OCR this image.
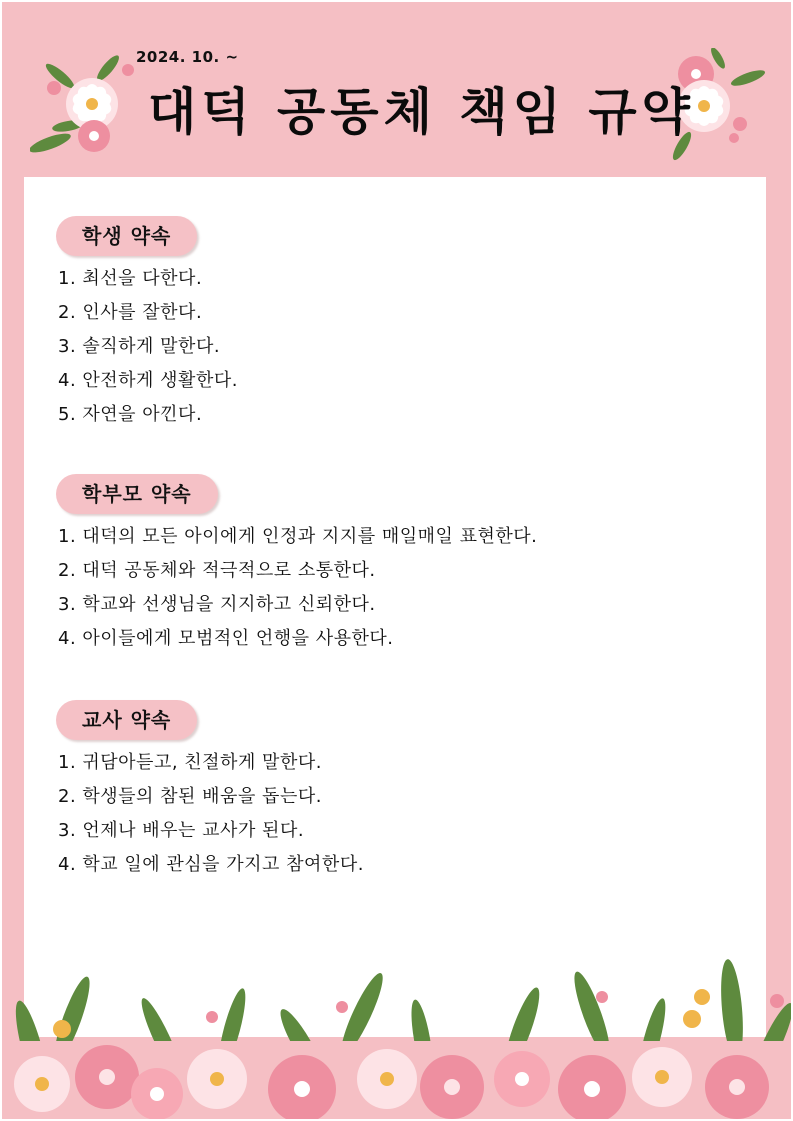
2024. 10. ~
대덕 공동체 책임 규약
학생 약속
1. 최선을 다한다.
2. 인사를 잘한다.
3. 솔직하게 말한다.
4. 안전하게 생활한다.
5. 자연을 아낀다.
학부모 약속
1. 대덕의 모든 아이에게 인정과 지지를 매일매일 표현한다.
2. 대덕 공동체와 적극적으로 소통한다.
3. 학교와 선생님을 지지하고 신뢰한다.
4. 아이들에게 모범적인 언행을 사용한다.
교사 약속
1. 귀담아듣고, 친절하게 말한다.
2. 학생들의 참된 배움을 돕는다.
3. 언제나 배우는 교사가 된다.
4. 학교 일에 관심을 가지고 참여한다.
